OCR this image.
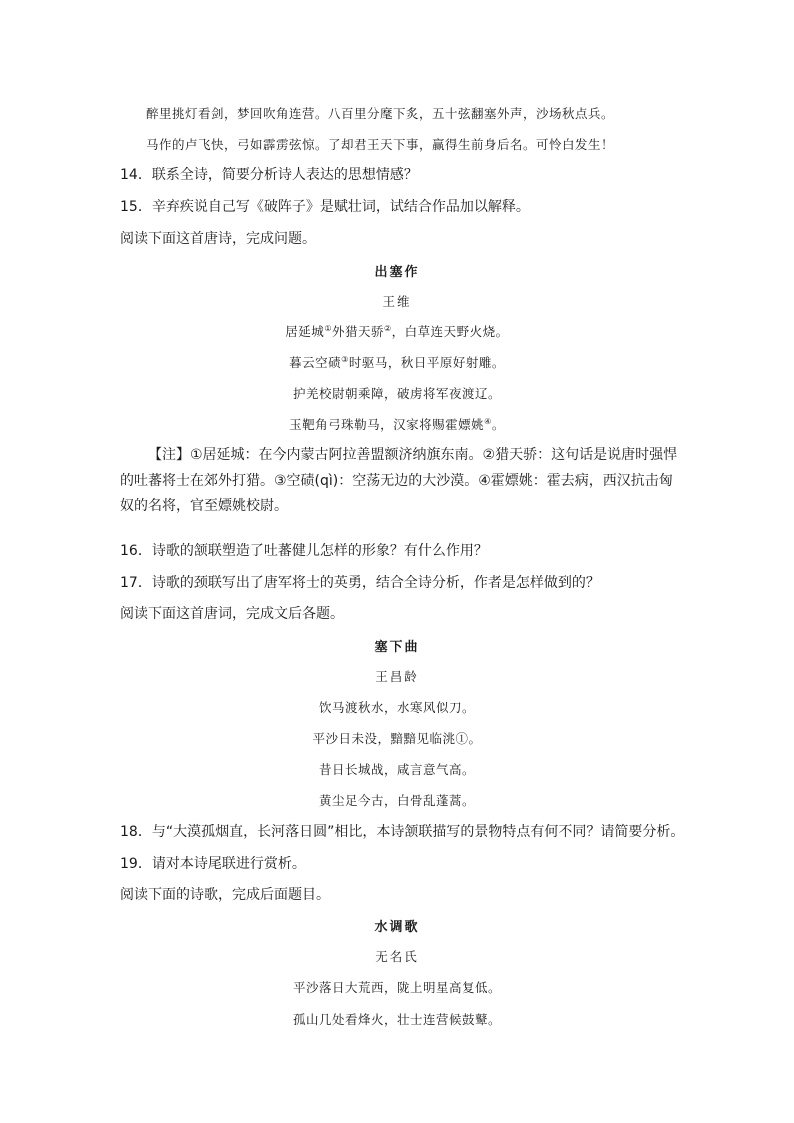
醉里挑灯看剑，梦回吹角连营。八百里分麾下炙，五十弦翻塞外声，沙场秋点兵。
马作的卢飞快，弓如霹雳弦惊。了却君王天下事，赢得生前身后名。可怜白发生！
14．联系全诗，简要分析诗人表达的思想情感？
15．辛弃疾说自己写《破阵子》是赋壮词，试结合作品加以解释。
阅读下面这首唐诗，完成问题。
出塞作
王维
居延城①外猎天骄②，白草连天野火烧。
暮云空碛③时驱马，秋日平原好射雕。
护羌校尉朝乘障，破虏将军夜渡辽。
玉靶角弓珠勒马，汉家将赐霍嫖姚④。
【注】①居延城：在今内蒙古阿拉善盟额济纳旗东南。②猎天骄：这句话是说唐时强悍的吐蕃将士在郊外打猎。③空碛(qì)：空荡无边的大沙漠。④霍嫖姚：霍去病，西汉抗击匈奴的名将，官至嫖姚校尉。
16．诗歌的颔联塑造了吐蕃健儿怎样的形象？有什么作用？
17．诗歌的颈联写出了唐军将士的英勇，结合全诗分析，作者是怎样做到的？
阅读下面这首唐词，完成文后各题。
塞下曲
王昌龄
饮马渡秋水，水寒风似刀。
平沙日未没，黯黯见临洮①。
昔日长城战，咸言意气高。
黄尘足今古，白骨乱蓬蒿。
18．与“大漠孤烟直，长河落日圆”相比，本诗颔联描写的景物特点有何不同？请简要分析。
19．请对本诗尾联进行赏析。
阅读下面的诗歌，完成后面题目。
水调歌
无名氏
平沙落日大荒西，陇上明星高复低。
孤山几处看烽火，壮士连营候鼓鼙。
